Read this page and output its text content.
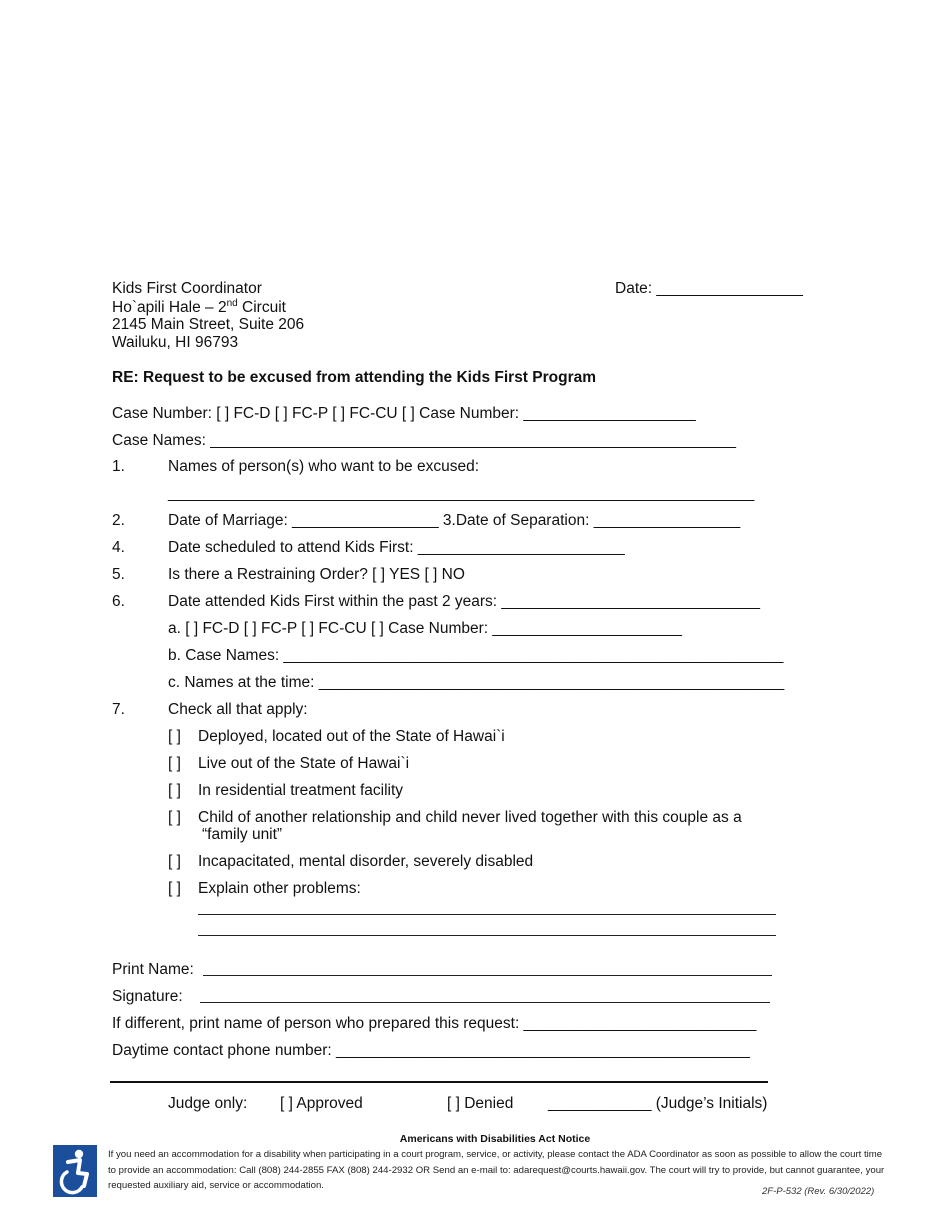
Kids First Coordinator
Ho`apili Hale – 2nd Circuit
2145 Main Street, Suite 206
Wailuku, HI 96793
Date: _________________
RE: Request to be excused from attending the Kids First Program
Case Number: [ ] FC-D [ ] FC-P [ ] FC-CU [ ] Case Number: ____________________
Case Names: _____________________________________________________________
1.	Names of person(s) who want to be excused:
____________________________________________________________________
2.	Date of Marriage: _________________ 3.Date of Separation: _________________
4.	Date scheduled to attend Kids First: ________________________
5.	Is there a Restraining Order? [ ] YES [ ] NO
6.	Date attended Kids First within the past 2 years: ______________________________
a. [ ] FC-D [ ] FC-P [ ] FC-CU [ ] Case Number: ______________________
b. Case Names: __________________________________________________________
c. Names at the time: ______________________________________________________
7.	Check all that apply:
[ ] Deployed, located out of the State of Hawai`i
[ ] Live out of the State of Hawai`i
[ ] In residential treatment facility
[ ] Child of another relationship and child never lived together with this couple as a
“family unit”
[ ] Incapacitated, mental disorder, severely disabled
[ ] Explain other problems:
Print Name:
Signature:
If different, print name of person who prepared this request: ___________________________
Daytime contact phone number: ________________________________________________
Judge only: [ ] Approved	[ ] Denied ____________ (Judge’s Initials)
Americans with Disabilities Act Notice
If you need an accommodation for a disability when participating in a court program, service, or activity, please contact the ADA Coordinator as soon as possible to allow the court time to provide an accommodation: Call (808) 244-2855 FAX (808) 244-2932 OR Send an e-mail to: adarequest@courts.hawaii.gov. The court will try to provide, but cannot guarantee, your requested auxiliary aid, service or accommodation.
2F-P-532 (Rev. 6/30/2022)
